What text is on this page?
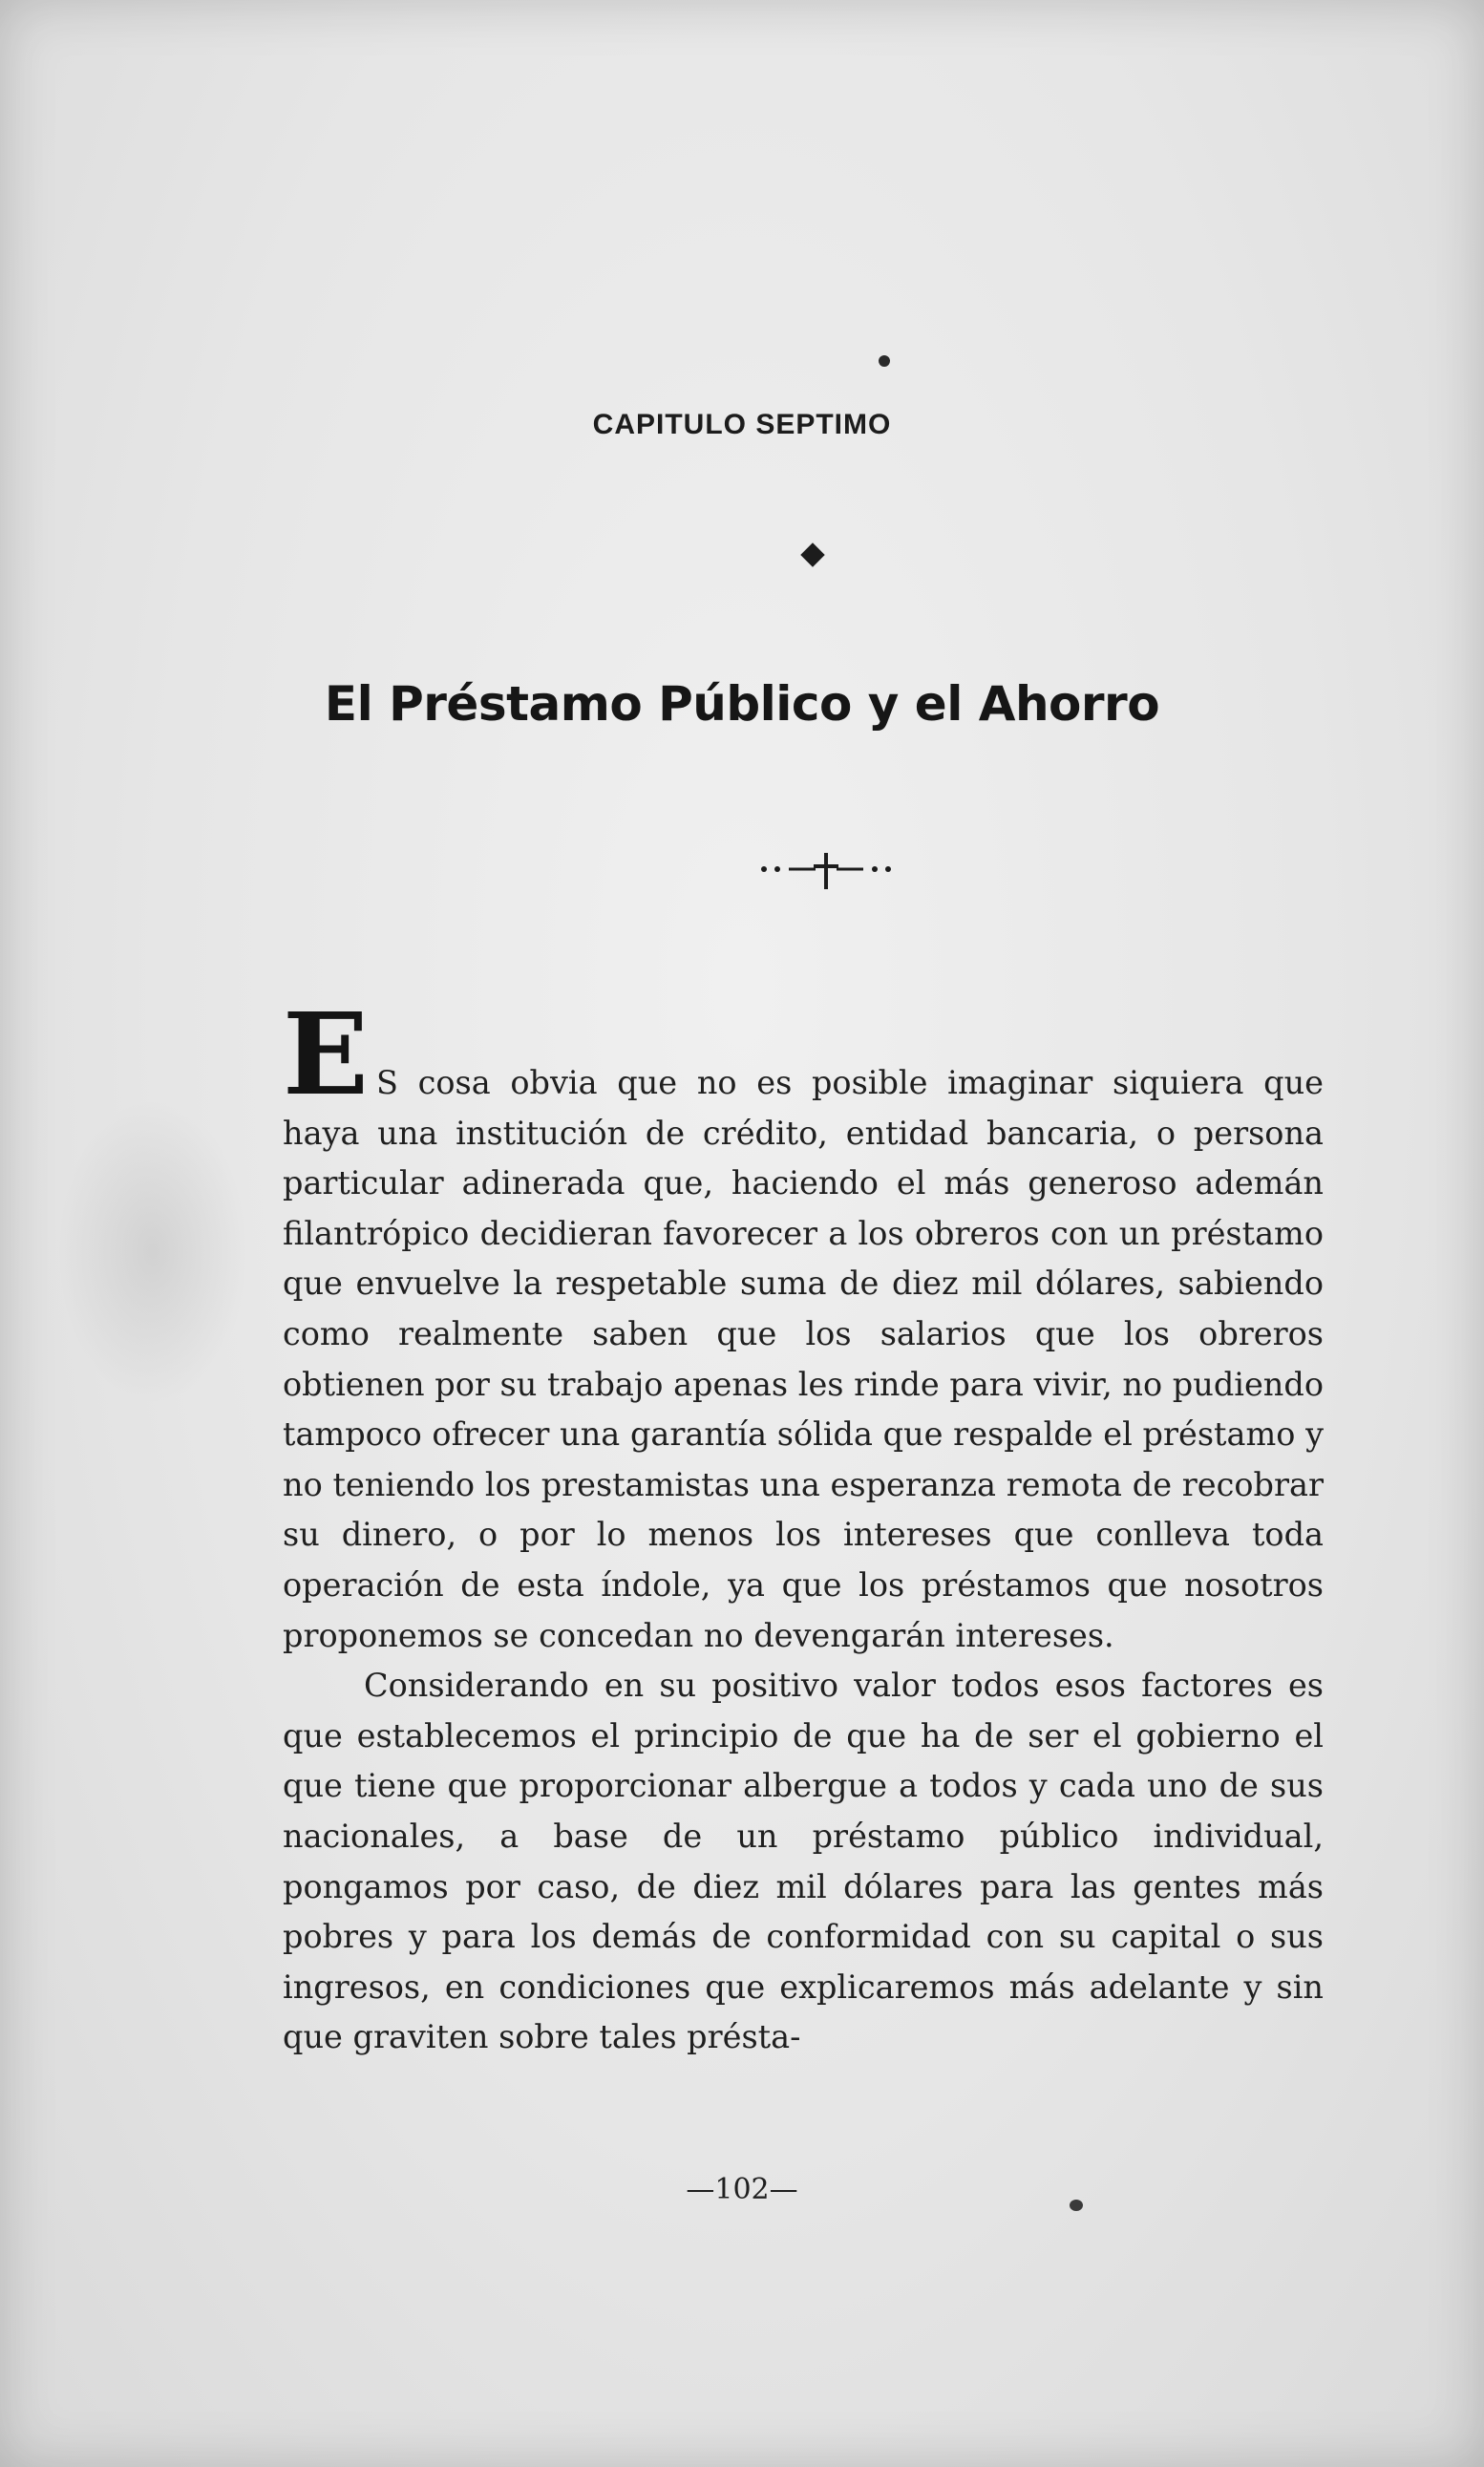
CAPITULO SEPTIMO
El Préstamo Público y el Ahorro

E S cosa obvia que no es posible imaginar siquiera que haya una institución de crédito, entidad bancaria, o persona particular adinerada que, haciendo el más generoso ademán filantrópico decidieran favorecer a los obreros con un préstamo que envuelve la respetable suma de diez mil dólares, sabiendo como realmente saben que los salarios que los obreros obtienen por su trabajo apenas les rinde para vivir, no pudiendo tampoco ofrecer una garantía sólida que respalde el préstamo y no teniendo los prestamistas una esperanza remota de recobrar su dinero, o por lo menos los intereses que conlleva toda operación de esta índole, ya que los préstamos que nosotros proponemos se concedan no devengarán intereses.

Considerando en su positivo valor todos esos factores es que establecemos el principio de que ha de ser el gobierno el que tiene que proporcionar albergue a todos y cada uno de sus nacionales, a base de un préstamo público individual, pongamos por caso, de diez mil dólares para las gentes más pobres y para los demás de conformidad con su capital o sus ingresos, en condiciones que explicaremos más adelante y sin que graviten sobre tales présta-

—102—
